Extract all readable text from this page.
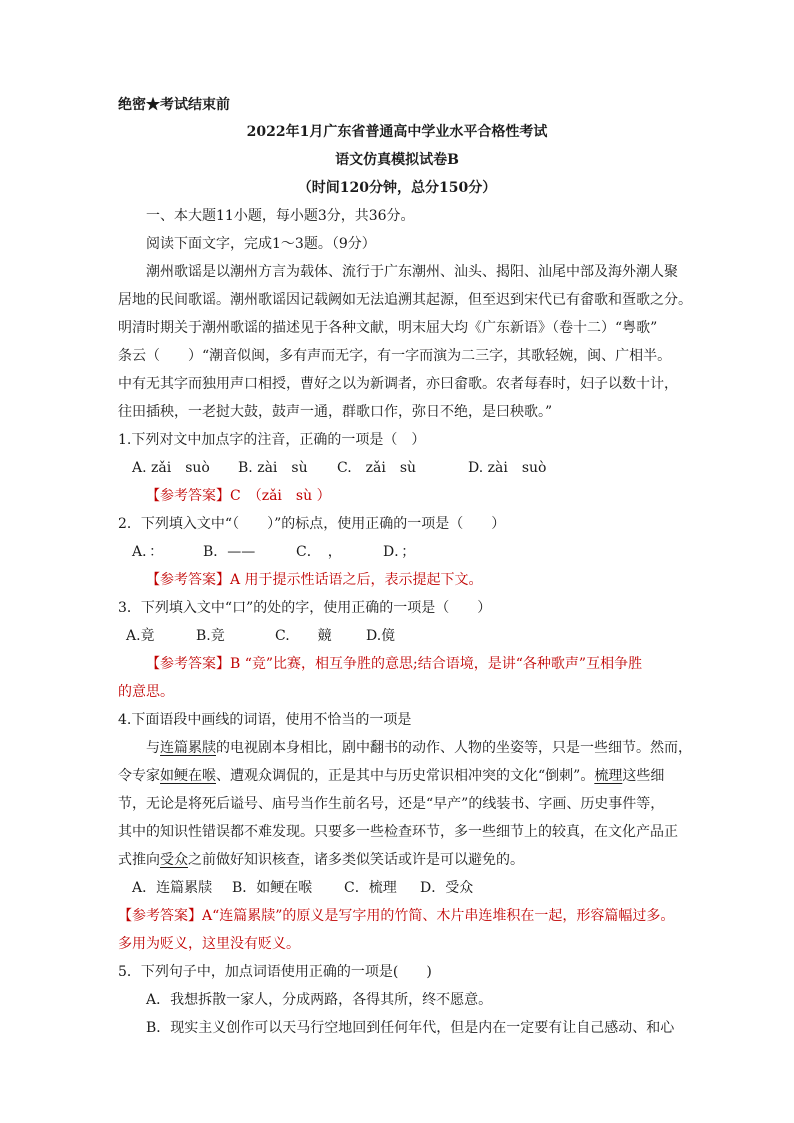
绝密★考试结束前
2022年1月广东省普通高中学业水平合格性考试
语文仿真模拟试卷B
（时间120分钟，总分150分）
一、本大题11小题，每小题3分，共36分。
阅读下面文字，完成1～3题。（9分）
潮州歌谣是以潮州方言为载体、流行于广东潮州、汕头、揭阳、汕尾中部及海外潮人聚
居地的民间歌谣。潮州歌谣因记载阙如无法追溯其起源，但至迟到宋代已有畲歌和疍歌之分。
明清时期关于潮州歌谣的描述见于各种文献，明末屈大均《广东新语》（卷十二）“粤歌”
条云（　　）“潮音似闽，多有声而无字，有一字而演为二三字，其歌轻婉，闽、广相半。
中有无其字而独用声口相授，曹好之以为新调者，亦曰畲歌。农者每春时，妇子以数十计，
往田插秧，一老挝大鼓，鼓声一通，群歌口作，弥日不绝，是曰秧歌。”
1.下列对文中加点字的注音，正确的一项是（　）
A. zǎi　suò B. zài　sù C.　zǎi　sù	D. zài　suò
【参考答案】C　（zǎi　sù ）
2．下列填入文中“（　　）”的标点，使用正确的一项是（　　）
A．：	B．——	C．　，	D．；
【参考答案】A 用于提示性话语之后，表示提起下文。
3．下列填入文中“口”的处的字，使用正确的一项是（　　）
A.竟	B.竞	C.　　竸 D.傹
【参考答案】B “竞”比赛，相互争胜的意思;结合语境，是讲“各种歌声”互相争胜
的意思。
4.下面语段中画线的词语，使用不恰当的一项是
与连篇累牍的电视剧本身相比，剧中翻书的动作、人物的坐姿等，只是一些细节。然而，
令专家如鲠在喉、遭观众调侃的，正是其中与历史常识相冲突的文化“倒刺”。梳理这些细
节，无论是将死后谥号、庙号当作生前名号，还是“早产”的线装书、字画、历史事件等，
其中的知识性错误都不难发现。只要多一些检查环节，多一些细节上的较真，在文化产品正
式推向受众之前做好知识核查，诸多类似笑话或许是可以避免的。
A．连篇累牍 B．如鲠在喉 C．梳理 D．受众
【参考答案】A“连篇累牍”的原义是写字用的竹简、木片串连堆积在一起，形容篇幅过多。
多用为贬义，这里没有贬义。
5．下列句子中，加点词语使用正确的一项是(　　)
A．我想拆散一家人，分成两路，各得其所，终不愿意。
B．现实主义创作可以天马行空地回到任何年代，但是内在一定要有让自己感动、和心
